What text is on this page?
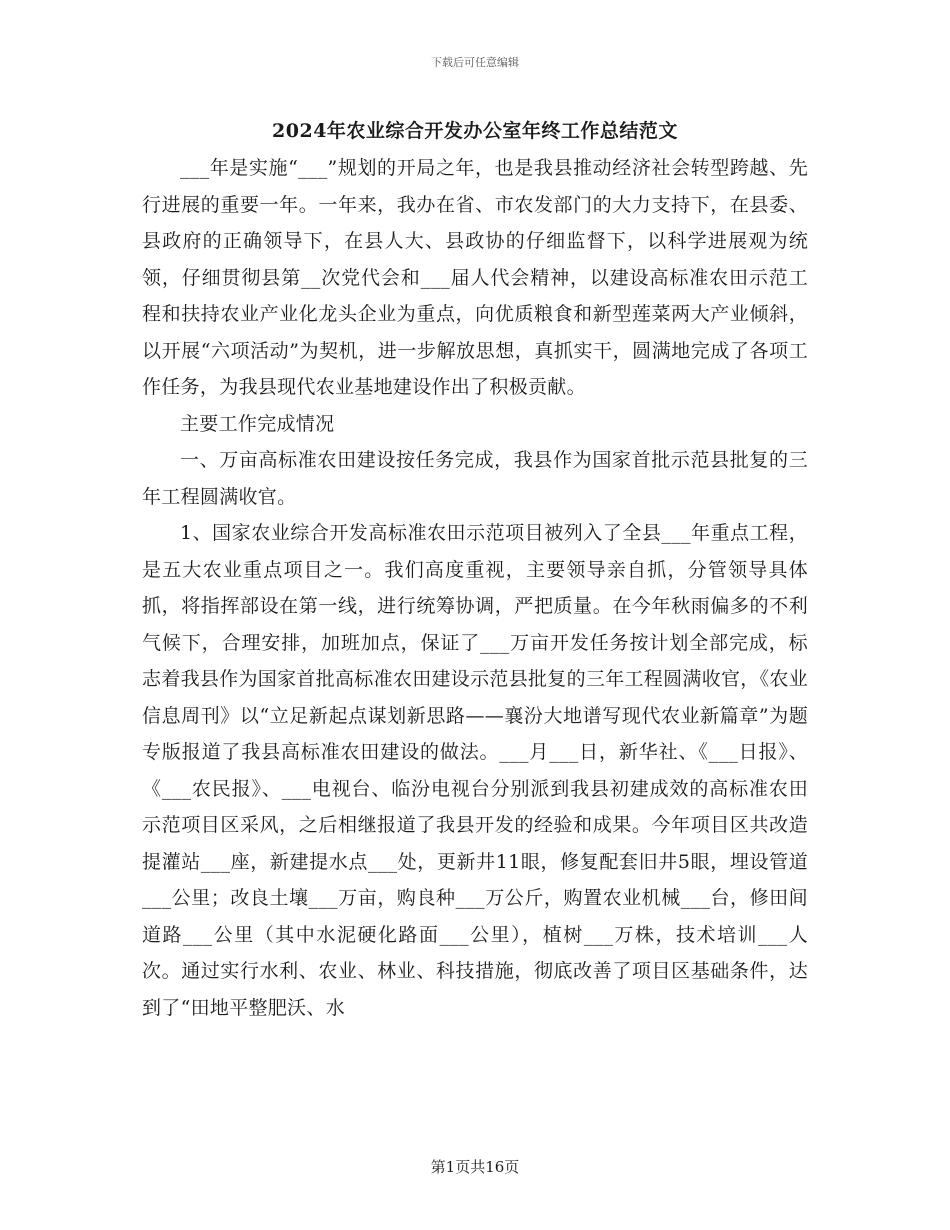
下载后可任意编辑
2024年农业综合开发办公室年终工作总结范文

___年是实施“___”规划的开局之年，也是我县推动经济社会转型跨越、先行进展的重要一年。一年来，我办在省、市农发部门的大力支持下，在县委、县政府的正确领导下，在县人大、县政协的仔细监督下，以科学进展观为统领，仔细贯彻县第__次党代会和___届人代会精神，以建设高标准农田示范工程和扶持农业产业化龙头企业为重点，向优质粮食和新型莲菜两大产业倾斜，以开展“六项活动”为契机，进一步解放思想，真抓实干，圆满地完成了各项工作任务，为我县现代农业基地建设作出了积极贡献。

主要工作完成情况

一、万亩高标准农田建设按任务完成，我县作为国家首批示范县批复的三年工程圆满收官。

1、国家农业综合开发高标准农田示范项目被列入了全县___年重点工程，是五大农业重点项目之一。我们高度重视，主要领导亲自抓，分管领导具体抓，将指挥部设在第一线，进行统筹协调，严把质量。在今年秋雨偏多的不利气候下，合理安排，加班加点，保证了___万亩开发任务按计划全部完成，标志着我县作为国家首批高标准农田建设示范县批复的三年工程圆满收官，《农业信息周刊》以“立足新起点谋划新思路——襄汾大地谱写现代农业新篇章”为题专版报道了我县高标准农田建设的做法。___月___日，新华社、《___日报》、《___农民报》、___电视台、临汾电视台分别派到我县初建成效的高标准农田示范项目区采风，之后相继报道了我县开发的经验和成果。今年项目区共改造提灌站___座，新建提水点___处，更新井11眼，修复配套旧井5眼，埋设管道___公里；改良土壤___万亩，购良种___万公斤，购置农业机械___台，修田间道路___公里（其中水泥硬化路面___公里），植树___万株，技术培训___人次。通过实行水利、农业、林业、科技措施，彻底改善了项目区基础条件，达到了“田地平整肥沃、水

第1页共16页
